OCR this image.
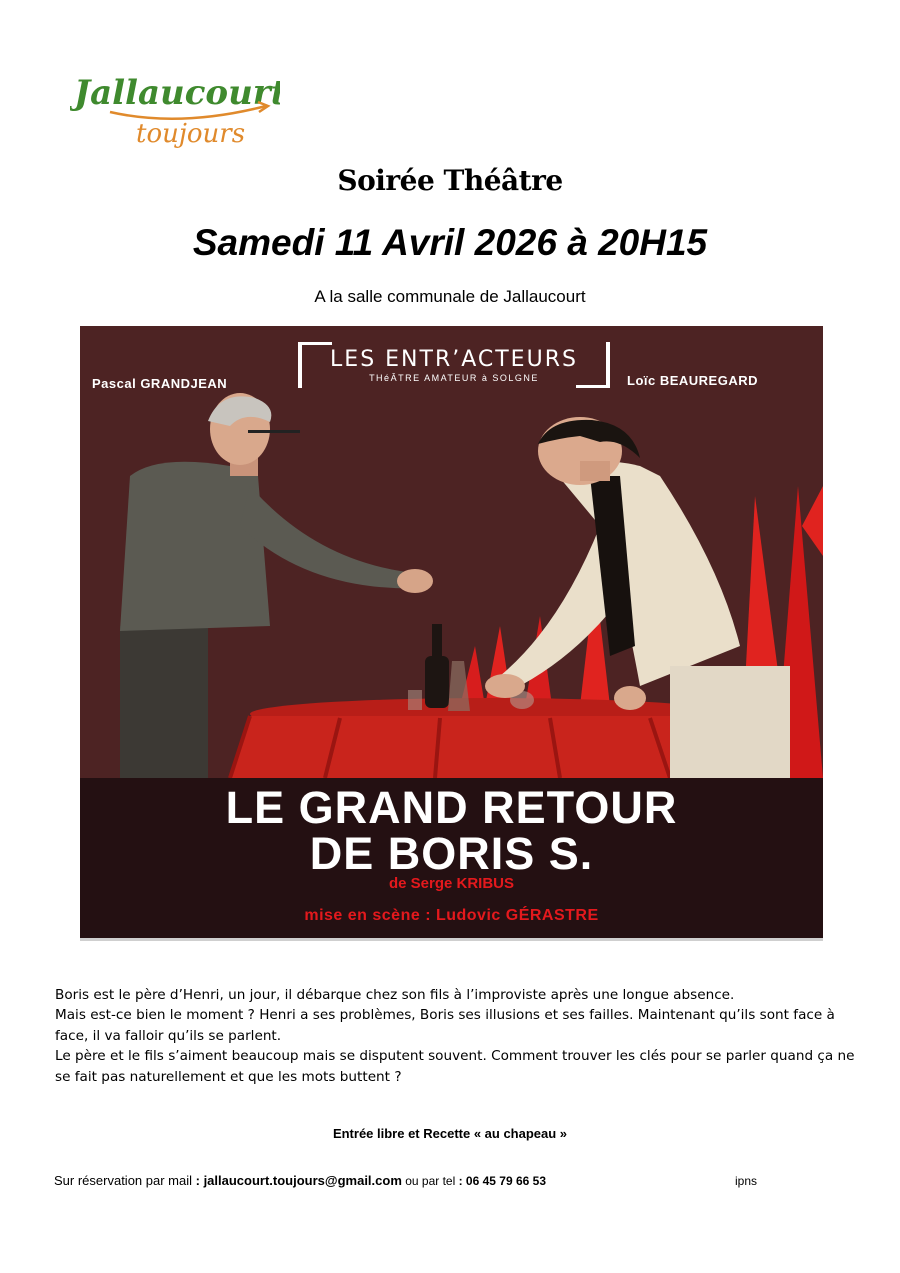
Jallaucourt
toujours
Soirée Théâtre
Samedi 11 Avril 2026 à 20H15
A la salle communale de Jallaucourt
LES ENTR’ACTEURS
THéÂTRE AMATEUR à SOLGNE
Pascal GRANDJEAN	Loïc BEAUREGARD
LE GRAND RETOUR
DE BORIS S.
de Serge KRIBUS
mise en scène : Ludovic GÉRASTRE

Boris est le père d’Henri, un jour, il débarque chez son fils à l’improviste après une longue absence.

Mais est-ce bien le moment ? Henri a ses problèmes, Boris ses illusions et ses failles. Maintenant qu’ils sont face à face, il va falloir qu’ils se parlent.

Le père et le fils s’aiment beaucoup mais se disputent souvent. Comment trouver les clés pour se parler quand ça ne se fait pas naturellement et que les mots buttent ?

Entrée libre et Recette « au chapeau »
Sur réservation par mail : jallaucourt.toujours@gmail.com ou par tel : 06 45 79 66 53	ipns
